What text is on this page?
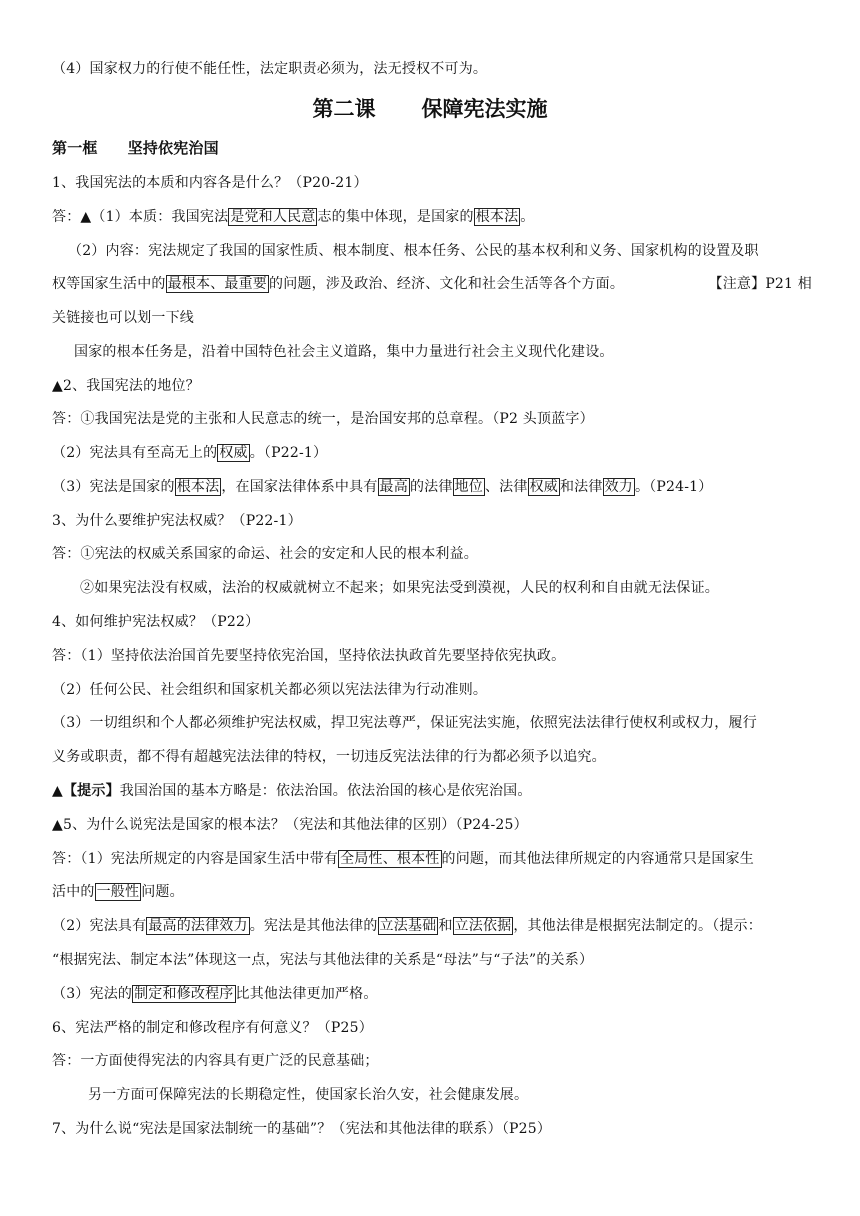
（4）国家权力的行使不能任性，法定职责必须为，法无授权不可为。
第二课 保障宪法实施
第一框 坚持依宪治国
1、我国宪法的本质和内容各是什么？（P20-21）
答：▲（1）本质：我国宪法 是党和人民意 志的集中体现，是国家的 根本法 。
（2）内容：宪法规定了我国的国家性质、根本制度、根本任务、公民的基本权利和义务、国家机构的设置及职
权等国家生活中的 最根本、最重要 的问题，涉及政治、经济、文化和社会生活等各个方面。	【注意】P21 相
关链接也可以划一下线
国家的根本任务是，沿着中国特色社会主义道路，集中力量进行社会主义现代化建设。
▲2、我国宪法的地位？
答：①我国宪法是党的主张和人民意志的统一，是治国安邦的总章程。（P2 头顶蓝字）
（2）宪法具有至高无上的 权威 。（P22-1）
（3）宪法是国家的 根本法 ，在国家法律体系中具有 最高 的法律 地位 、法律 权威 和法律 效力 。（P24-1）
3、为什么要维护宪法权威？（P22-1）
答：①宪法的权威关系国家的命运、社会的安定和人民的根本利益。
②如果宪法没有权威，法治的权威就树立不起来；如果宪法受到漠视，人民的权利和自由就无法保证。
4、如何维护宪法权威？（P22）
答：（1）坚持依法治国首先要坚持依宪治国，坚持依法执政首先要坚持依宪执政。
（2）任何公民、社会组织和国家机关都必须以宪法法律为行动准则。
（3）一切组织和个人都必须维护宪法权威，捍卫宪法尊严，保证宪法实施，依照宪法法律行使权利或权力，履行
义务或职责，都不得有超越宪法法律的特权，一切违反宪法法律的行为都必须予以追究。
▲【提示】我国治国的基本方略是：依法治国。依法治国的核心是依宪治国。
▲5、为什么说宪法是国家的根本法？（宪法和其他法律的区别）（P24-25）
答：（1）宪法所规定的内容是国家生活中带有 全局性、根本性 的问题，而其他法律所规定的内容通常只是国家生
活中的 一般性 问题。
（2）宪法具有 最高的法律效力 。宪法是其他法律的 立法基础 和 立法依据 ，其他法律是根据宪法制定的。（提示：
“根据宪法、制定本法”体现这一点，宪法与其他法律的关系是“母法”与“子法”的关系）
（3）宪法的 制定和修改程序 比其他法律更加严格。
6、宪法严格的制定和修改程序有何意义？（P25）
答：一方面使得宪法的内容具有更广泛的民意基础；
另一方面可保障宪法的长期稳定性，使国家长治久安，社会健康发展。
7、为什么说“宪法是国家法制统一的基础”？（宪法和其他法律的联系）（P25）
